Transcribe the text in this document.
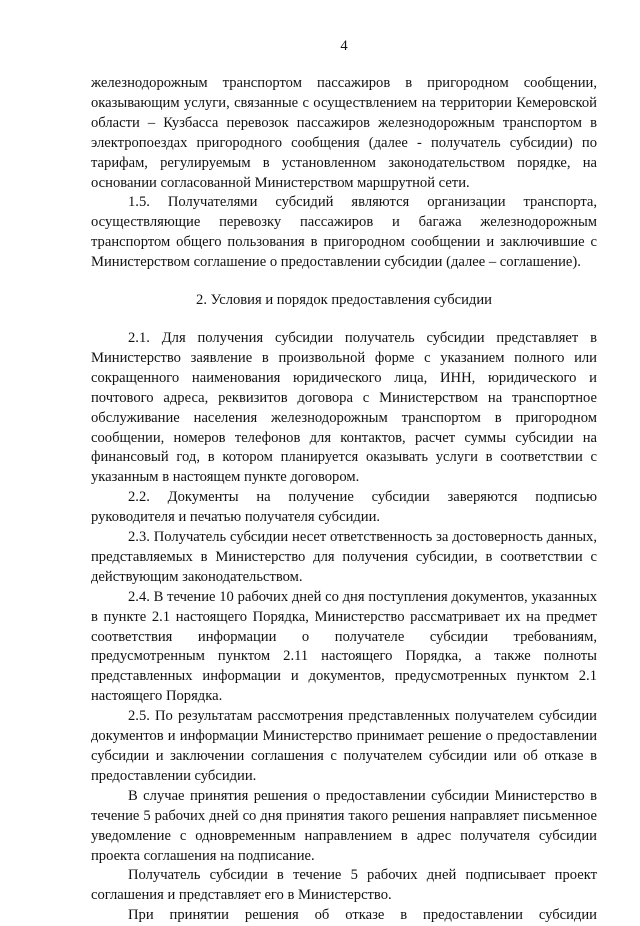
4

железнодорожным транспортом пассажиров в пригородном сообщении, оказывающим услуги, связанные с осуществлением на территории Кемеровской области – Кузбасса перевозок пассажиров железнодорожным транспортом в электропоездах пригородного сообщения (далее - получатель субсидии) по тарифам, регулируемым в установленном законодательством порядке, на основании согласованной Министерством маршрутной сети.

1.5. Получателями субсидий являются организации транспорта, осуществляющие перевозку пассажиров и багажа железнодорожным транспортом общего пользования в пригородном сообщении и заключившие с Министерством соглашение о предоставлении субсидии (далее – соглашение).

2. Условия и порядок предоставления субсидии

2.1. Для получения субсидии получатель субсидии представляет в Министерство заявление в произвольной форме с указанием полного или сокращенного наименования юридического лица, ИНН, юридического и почтового адреса, реквизитов договора с Министерством на транспортное обслуживание населения железнодорожным транспортом в пригородном сообщении, номеров телефонов для контактов, расчет суммы субсидии на финансовый год, в котором планируется оказывать услуги в соответствии с указанным в настоящем пункте договором.

2.2. Документы на получение субсидии заверяются подписью руководителя и печатью получателя субсидии.

2.3. Получатель субсидии несет ответственность за достоверность данных, представляемых в Министерство для получения субсидии, в соответствии с действующим законодательством.

2.4. В течение 10 рабочих дней со дня поступления документов, указанных в пункте 2.1 настоящего Порядка, Министерство рассматривает их на предмет соответствия информации о получателе субсидии требованиям, предусмотренным пунктом 2.11 настоящего Порядка, а также полноты представленных информации и документов, предусмотренных пунктом 2.1 настоящего Порядка.

2.5. По результатам рассмотрения представленных получателем субсидии документов и информации Министерство принимает решение о предоставлении субсидии и заключении соглашения с получателем субсидии или об отказе в предоставлении субсидии.

В случае принятия решения о предоставлении субсидии Министерство в течение 5 рабочих дней со дня принятия такого решения направляет письменное уведомление с одновременным направлением в адрес получателя субсидии проекта соглашения на подписание.

Получатель субсидии в течение 5 рабочих дней подписывает проект соглашения и представляет его в Министерство.

При принятии решения об отказе в предоставлении субсидии
